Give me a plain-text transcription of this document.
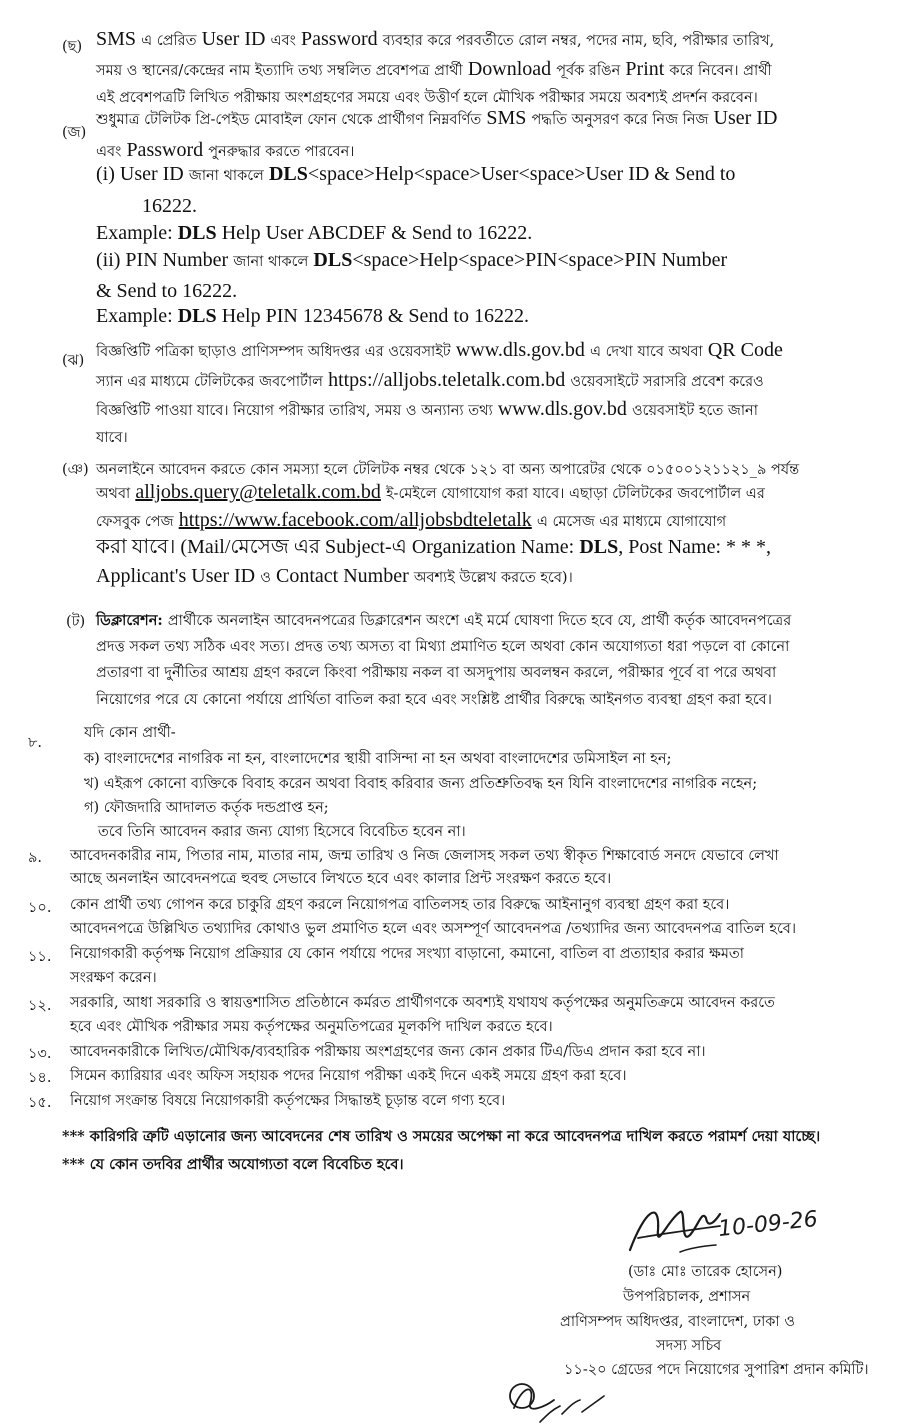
(ছ) SMS এ প্রেরিত User ID এবং Password ব্যবহার করে পরবর্তীতে রোল নম্বর, পদের নাম, ছবি, পরীক্ষার তারিখ,
সময় ও স্থানের/কেন্দ্রের নাম ইত্যাদি তথ্য সম্বলিত প্রবেশপত্র প্রার্থী Download পূর্বক রঙিন Print করে নিবেন। প্রার্থী
এই প্রবেশপত্রটি লিখিত পরীক্ষায় অংশগ্রহণের সময়ে এবং উত্তীর্ণ হলে মৌখিক পরীক্ষার সময়ে অবশ্যই প্রদর্শন করবেন।
(জ)
শুধুমাত্র টেলিটক প্রি-পেইড মোবাইল ফোন থেকে প্রার্থীগণ নিম্নবর্ণিত SMS পদ্ধতি অনুসরণ করে নিজ নিজ User ID
এবং Password পুনরুদ্ধার করতে পারবেন।
(i) User ID জানা থাকলে DLS<space>Help<space>User<space>User ID & Send to
16222.
Example: DLS Help User ABCDEF & Send to 16222.
(ii) PIN Number জানা থাকলে DLS<space>Help<space>PIN<space>PIN Number
& Send to 16222.
Example: DLS Help PIN 12345678 & Send to 16222.
(ঝ)
বিজ্ঞপ্তিটি পত্রিকা ছাড়াও প্রাণিসম্পদ অধিদপ্তর এর ওয়েবসাইট www.dls.gov.bd এ দেখা যাবে অথবা QR Code
স্যান এর মাধ্যমে টেলিটকের জবপোর্টাল https://alljobs.teletalk.com.bd ওয়েবসাইটে সরাসরি প্রবেশ করেও
বিজ্ঞপ্তিটি পাওয়া যাবে। নিয়োগ পরীক্ষার তারিখ, সময় ও অন্যান্য তথ্য www.dls.gov.bd ওয়েবসাইট হতে জানা
যাবে।
(ঞ) অনলাইনে আবেদন করতে কোন সমস্যা হলে টেলিটক নম্বর থেকে ১২১ বা অন্য অপারেটর থেকে ০১৫০০১২১১২১_৯ পর্যন্ত
অথবা alljobs.query@teletalk.com.bd ই-মেইলে যোগাযোগ করা যাবে। এছাড়া টেলিটকের জবপোর্টাল এর
ফেসবুক পেজ https://www.facebook.com/alljobsbdteletalk এ মেসেজ এর মাধ্যমে যোগাযোগ
করা যাবে। (Mail/মেসেজ এর Subject-এ Organization Name: DLS, Post Name: * * *,
Applicant's User ID ও Contact Number অবশ্যই উল্লেখ করতে হবে)।
(ট) ডিক্লারেশন: প্রার্থীকে অনলাইন আবেদনপত্রের ডিক্লারেশন অংশে এই মর্মে ঘোষণা দিতে হবে যে, প্রার্থী কর্তৃক আবেদনপত্রের
প্রদত্ত সকল তথ্য সঠিক এবং সত্য। প্রদত্ত তথ্য অসত্য বা মিথ্যা প্রমাণিত হলে অথবা কোন অযোগ্যতা ধরা পড়লে বা কোনো
প্রতারণা বা দুর্নীতির আশ্রয় গ্রহণ করলে কিংবা পরীক্ষায় নকল বা অসদুপায় অবলম্বন করলে, পরীক্ষার পূর্বে বা পরে অথবা
নিয়োগের পরে যে কোনো পর্যায়ে প্রার্থিতা বাতিল করা হবে এবং সংশ্লিষ্ট প্রার্থীর বিরুদ্ধে আইনগত ব্যবস্থা গ্রহণ করা হবে।
৮.
যদি কোন প্রার্থী-
ক) বাংলাদেশের নাগরিক না হন, বাংলাদেশের স্থায়ী বাসিন্দা না হন অথবা বাংলাদেশের ডমিসাইল না হন;
খ) এইরূপ কোনো ব্যক্তিকে বিবাহ করেন অথবা বিবাহ করিবার জন্য প্রতিশ্রুতিবদ্ধ হন যিনি বাংলাদেশের নাগরিক নহেন;
গ) ফৌজদারি আদালত কর্তৃক দন্ডপ্রাপ্ত হন;
তবে তিনি আবেদন করার জন্য যোগ্য হিসেবে বিবেচিত হবেন না।
৯. আবেদনকারীর নাম, পিতার নাম, মাতার নাম, জন্ম তারিখ ও নিজ জেলাসহ সকল তথ্য স্বীকৃত শিক্ষাবোর্ড সনদে যেভাবে লেখা
আছে অনলাইন আবেদনপত্রে হুবহু সেভাবে লিখতে হবে এবং কালার প্রিন্ট সংরক্ষণ করতে হবে।
১০. কোন প্রার্থী তথ্য গোপন করে চাকুরি গ্রহণ করলে নিয়োগপত্র বাতিলসহ তার বিরুদ্ধে আইনানুগ ব্যবস্থা গ্রহণ করা হবে।
আবেদনপত্রে উল্লিখিত তথ্যাদির কোথাও ভুল প্রমাণিত হলে এবং অসম্পূর্ণ আবেদনপত্র /তথ্যাদির জন্য আবেদনপত্র বাতিল হবে।
১১. নিয়োগকারী কর্তৃপক্ষ নিয়োগ প্রক্রিয়ার যে কোন পর্যায়ে পদের সংখ্যা বাড়ানো, কমানো, বাতিল বা প্রত্যাহার করার ক্ষমতা
সংরক্ষণ করেন।
১২. সরকারি, আধা সরকারি ও স্বায়ত্তশাসিত প্রতিষ্ঠানে কর্মরত প্রার্থীগণকে অবশ্যই যথাযথ কর্তৃপক্ষের অনুমতিক্রমে আবেদন করতে
হবে এবং মৌখিক পরীক্ষার সময় কর্তৃপক্ষের অনুমতিপত্রের মূলকপি দাখিল করতে হবে।
১৩. আবেদনকারীকে লিখিত/মৌখিক/ব্যবহারিক পরীক্ষায় অংশগ্রহণের জন্য কোন প্রকার টিএ/ডিএ প্রদান করা হবে না।
১৪. সিমেন ক্যারিয়ার এবং অফিস সহায়ক পদের নিয়োগ পরীক্ষা একই দিনে একই সময়ে গ্রহণ করা হবে।
১৫. নিয়োগ সংক্রান্ত বিষয়ে নিয়োগকারী কর্তৃপক্ষের সিদ্ধান্তই চূড়ান্ত বলে গণ্য হবে।
*** কারিগরি ত্রুটি এড়ানোর জন্য আবেদনের শেষ তারিখ ও সময়ের অপেক্ষা না করে আবেদনপত্র দাখিল করতে পরামর্শ দেয়া যাচ্ছে।
*** যে কোন তদবির প্রার্থীর অযোগ্যতা বলে বিবেচিত হবে।
10-09-26
(ডাঃ মোঃ তারেক হোসেন)
উপপরিচালক, প্রশাসন
প্রাণিসম্পদ অধিদপ্তর, বাংলাদেশ, ঢাকা ও
সদস্য সচিব
১১-২০ গ্রেডের পদে নিয়োগের সুপারিশ প্রদান কমিটি।
